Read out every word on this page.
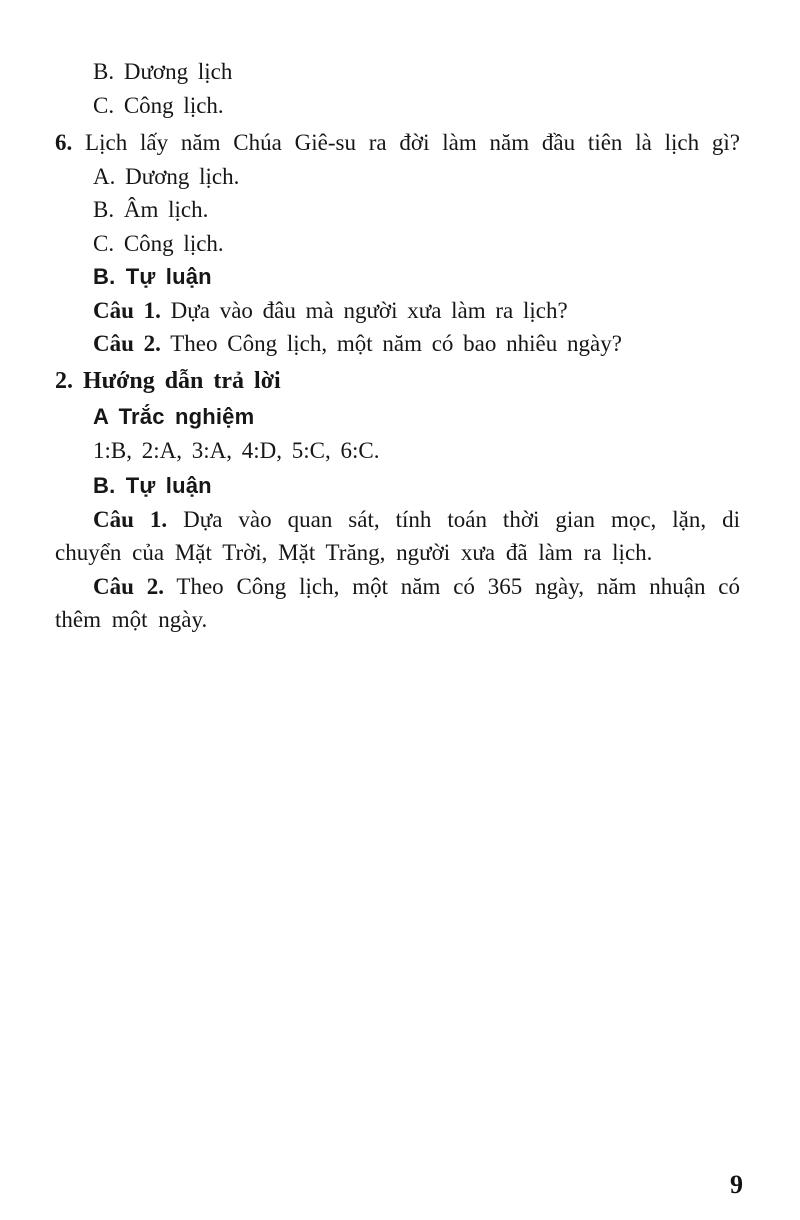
B. Dương lịch
C. Công lịch.
6. Lịch lấy năm Chúa Giê-su ra đời làm năm đầu tiên là lịch gì?
A. Dương lịch.
B. Âm lịch.
C. Công lịch.
B. Tự luận
Câu 1. Dựa vào đâu mà người xưa làm ra lịch?
Câu 2. Theo Công lịch, một năm có bao nhiêu ngày?
2. Hướng dẫn trả lời
A Trắc nghiệm
1:B, 2:A, 3:A, 4:D, 5:C, 6:C.
B. Tự luận

Câu 1. Dựa vào quan sát, tính toán thời gian mọc, lặn, di chuyển của Mặt Trời, Mặt Trăng, người xưa đã làm ra lịch.

Câu 2. Theo Công lịch, một năm có 365 ngày, năm nhuận có thêm một ngày.

9
